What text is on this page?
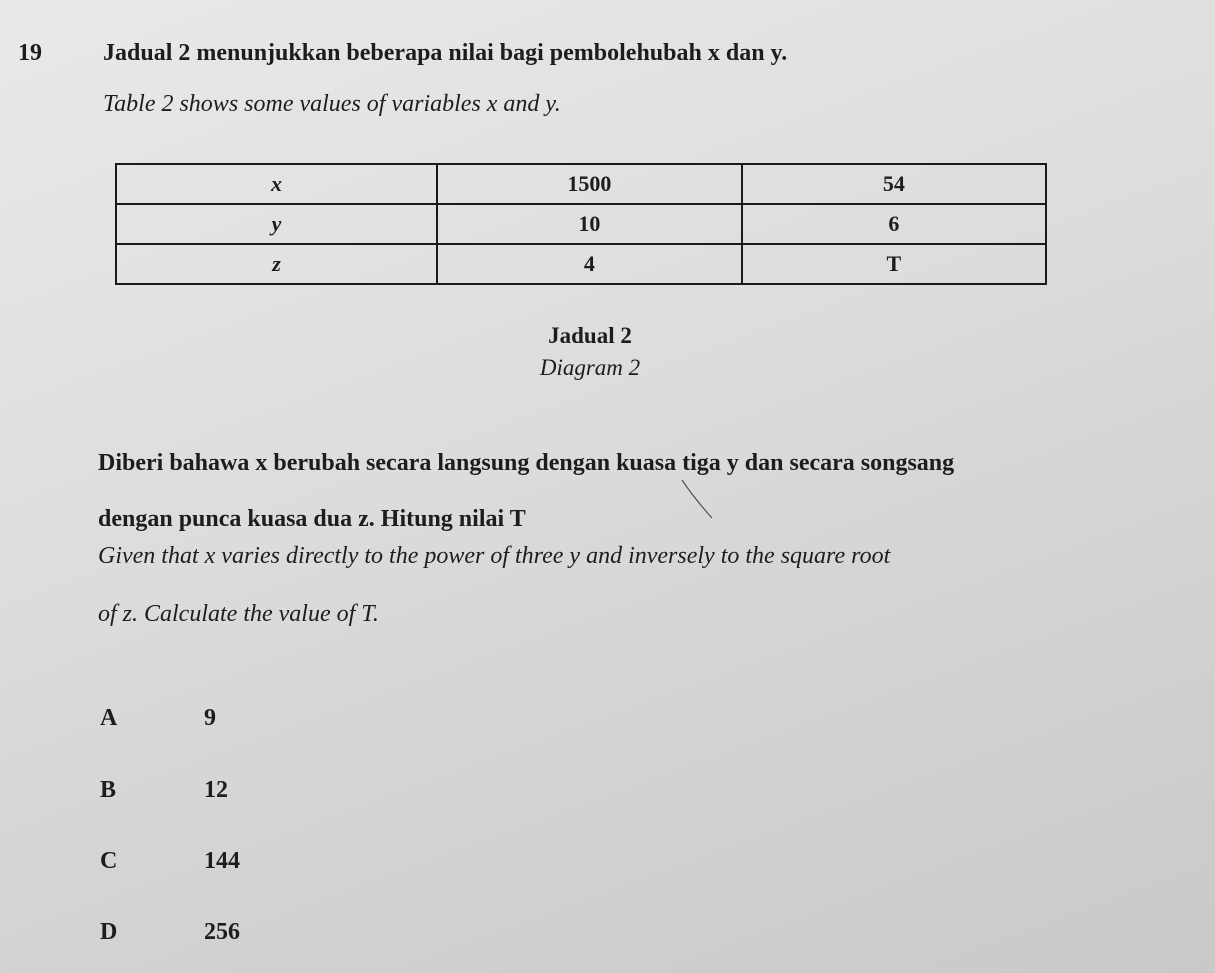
19	Jadual 2 menunjukkan beberapa nilai bagi pembolehubah x dan y.
Table 2 shows some values of variables x and y.
x	1500	54
y	10	6
z	4	T
Jadual 2
Diagram 2
Diberi bahawa x berubah secara langsung dengan kuasa tiga y dan secara songsang
dengan punca kuasa dua z. Hitung nilai T
Given that x varies directly to the power of three y and inversely to the square root
of z. Calculate the value of T.
A	9
B	12
C	144
D	256
